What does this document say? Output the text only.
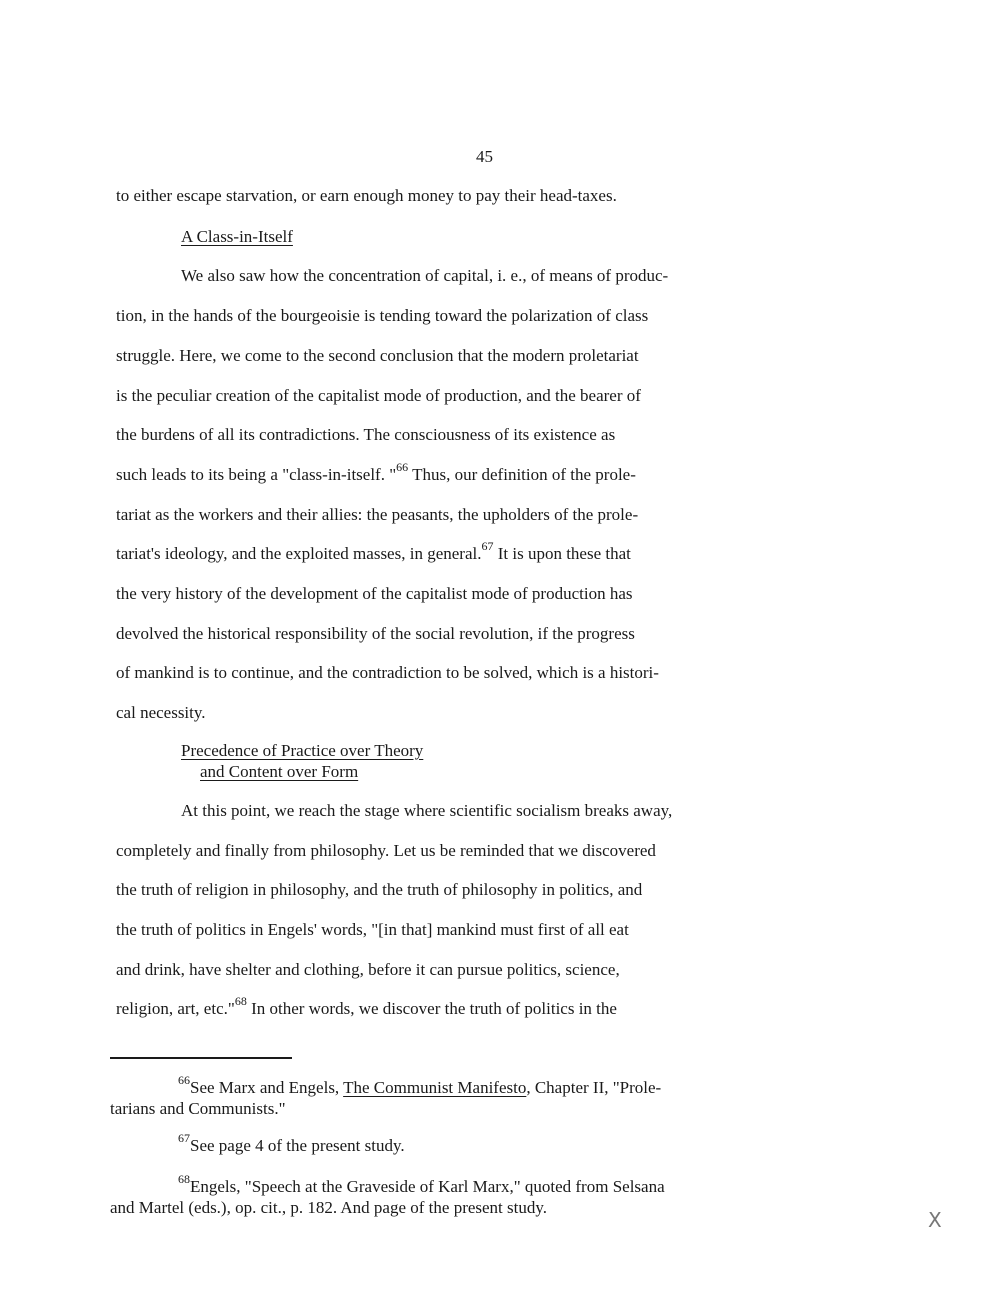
45
to either escape starvation, or earn enough money to pay their head-taxes.
A Class-in-Itself
We also saw how the concentration of capital, i. e., of means of produc-
tion, in the hands of the bourgeoisie is tending toward the polarization of class
struggle. Here, we come to the second conclusion that the modern proletariat
is the peculiar creation of the capitalist mode of production, and the bearer of
the burdens of all its contradictions. The consciousness of its existence as
such leads to its being a "class-in-itself. "$^{66}$ Thus, our definition of the prole-
tariat as the workers and their allies: the peasants, the upholders of the prole-
tariat's ideology, and the exploited masses, in general.$^{67}$ It is upon these that
the very history of the development of the capitalist mode of production has
devolved the historical responsibility of the social revolution, if the progress
of mankind is to continue, and the contradiction to be solved, which is a histori-
cal necessity.
Precedence of Practice over Theory
and Content over Form
At this point, we reach the stage where scientific socialism breaks away,
completely and finally from philosophy. Let us be reminded that we discovered
the truth of religion in philosophy, and the truth of philosophy in politics, and
the truth of politics in Engels' words, "[in that] mankind must first of all eat
and drink, have shelter and clothing, before it can pursue politics, science,
religion, art, etc."$^{68}$ In other words, we discover the truth of politics in the
$^{66}$See Marx and Engels, The Communist Manifesto, Chapter II, "Prole-
tarians and Communists."
$^{67}$See page 4 of the present study.
$^{68}$Engels, "Speech at the Graveside of Karl Marx," quoted from Selsana
and Martel (eds.), op. cit., p. 182. And page of the present study.
X
